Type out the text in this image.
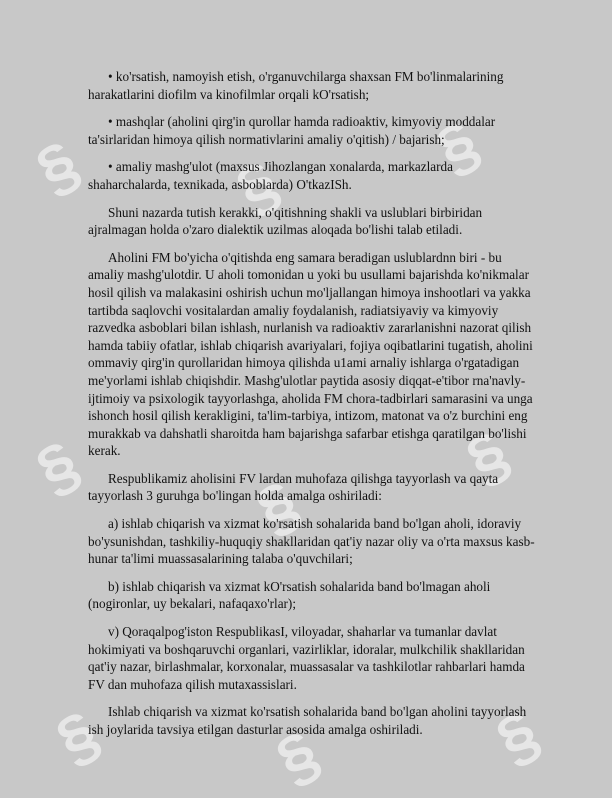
§ § §
§ §
§
§ § §

• ko'rsatish, namoyish etish, o'rganuvchilarga shaxsan FM bo'linmalarining harakatlarini diofilm va kinofilmlar orqali kO'rsatish;

• mashqlar (aholini qirg'in qurollar hamda radioaktiv, kimyoviy moddalar ta'sirlaridan himoya qilish normativlarini amaliy o'qitish) / bajarish;

• amaliy mashg'ulot (maxsus Jihozlangan xonalarda, markazlarda shaharchalarda, texnikada, asboblarda) O'tkazISh.

Shuni nazarda tutish kerakki, o'qitishning shakli va uslublari birbiridan ajralmagan holda o'zaro dialektik uzilmas aloqada bo'lishi talab etiladi.

Aholini FM bo'yicha o'qitishda eng samara beradigan uslublardnn biri - bu amaliy mashg'ulotdir. U aholi tomonidan u yoki bu usullami bajarishda ko'nikmalar hosil qilish va malakasini oshirish uchun mo'ljallangan himoya inshootlari va yakka tartibda saqlovchi vositalardan amaliy foydalanish, radiatsiyaviy va kimyoviy razvedka asboblari bilan ishlash, nurlanish va radioaktiv zararlanishni nazorat qilish hamda tabiiy ofatlar, ishlab chiqarish avariyalari, fojiya oqibatlarini tugatish, aholini ommaviy qirg'in qurollaridan himoya qilishda u1ami arnaliy ishlarga o'rgatadigan me'yorlami ishlab chiqishdir. Mashg'ulotlar paytida asosiy diqqat-e'tibor rna'navly-ijtimoiy va psixologik tayyorlashga, aholida FM chora-tadbirlari samarasini va unga ishonch hosil qilish kerakligini, ta'lim-tarbiya, intizom, matonat va o'z burchini eng murakkab va dahshatli sharoitda ham bajarishga safarbar etishga qaratilgan bo'lishi kerak.

Respublikamiz aholisini FV lardan muhofaza qilishga tayyorlash va qayta tayyorlash 3 guruhga bo'lingan holda amalga oshiriladi:

a) ishlab chiqarish va xizmat ko'rsatish sohalarida band bo'lgan aholi, idoraviy bo'ysunishdan, tashkiliy-huquqiy shakllaridan qat'iy nazar oliy va o'rta maxsus kasb-hunar ta'limi muassasalarining talaba o'quvchilari;

b) ishlab chiqarish va xizmat kO'rsatish sohalarida band bo'lmagan aholi (nogironlar, uy bekalari, nafaqaxo'rlar);

v) Qoraqalpog'iston RespublikasI, viloyadar, shaharlar va tumanlar davlat hokimiyati va boshqaruvchi organlari, vazirliklar, idoralar, mulkchilik shakllaridan qat'iy nazar, birlashmalar, korxonalar, muassasalar va tashkilotlar rahbarlari hamda FV dan muhofaza qilish mutaxassislari.

Ishlab chiqarish va xizmat ko'rsatish sohalarida band bo'lgan aholini tayyorlash ish joylarida tavsiya etilgan dasturlar asosida amalga oshiriladi.
